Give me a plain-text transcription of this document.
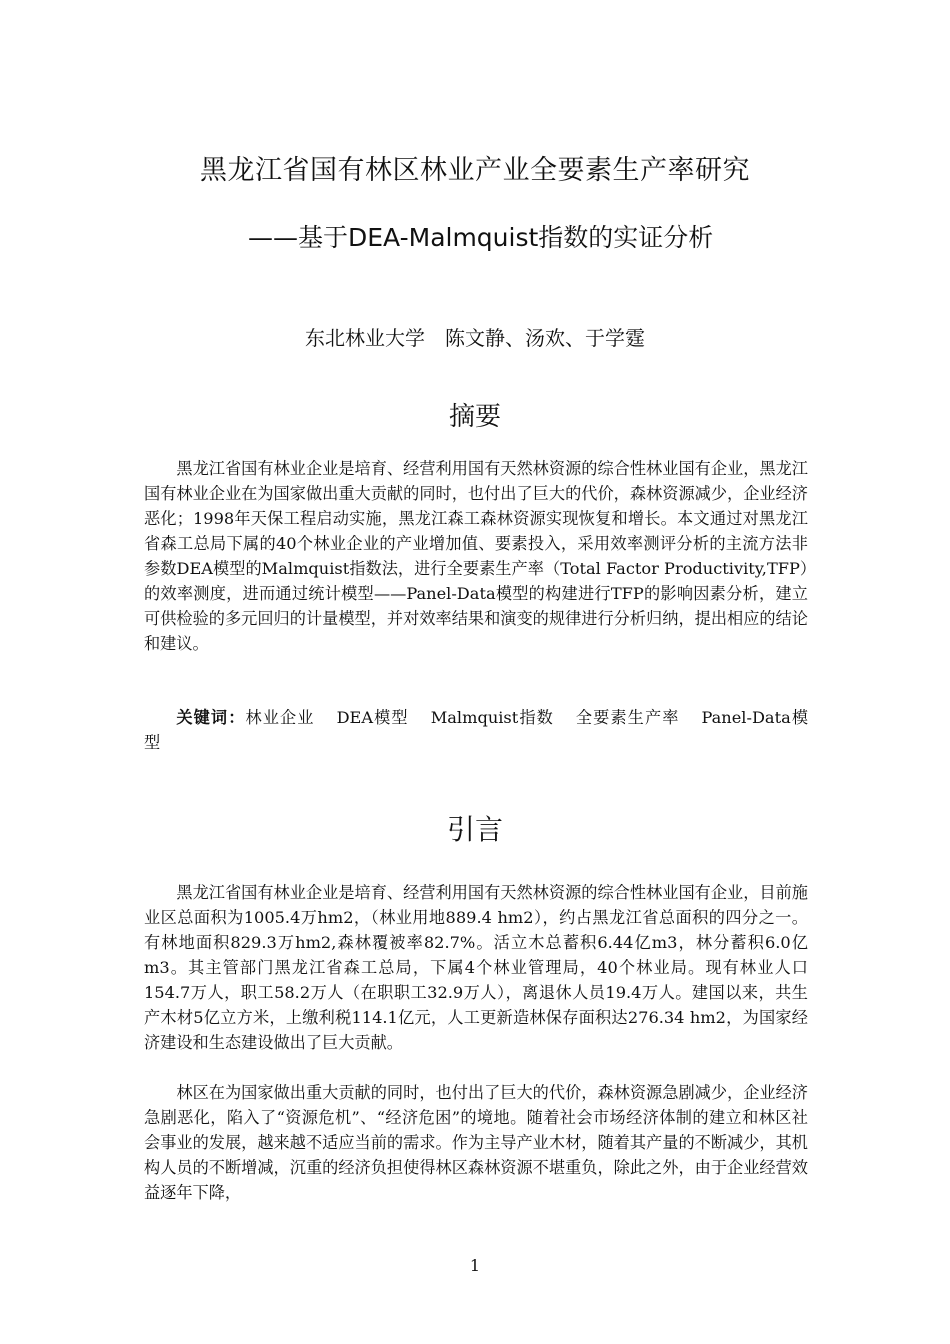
黑龙江省国有林区林业产业全要素生产率研究
——基于DEA-Malmquist指数的实证分析
东北林业大学　陈文静、汤欢、于学霆
摘要

黑龙江省国有林业企业是培育、经营利用国有天然林资源的综合性林业国有企业，黑龙江国有林业企业在为国家做出重大贡献的同时，也付出了巨大的代价，森林资源减少，企业经济恶化；1998年天保工程启动实施，黑龙江森工森林资源实现恢复和增长。本文通过对黑龙江省森工总局下属的40个林业企业的产业增加值、要素投入，采用效率测评分析的主流方法非参数DEA模型的Malmquist指数法，进行全要素生产率（Total Factor Productivity,TFP）的效率测度，进而通过统计模型——Panel-Data模型的构建进行TFP的影响因素分析，建立可供检验的多元回归的计量模型，并对效率结果和演变的规律进行分析归纳，提出相应的结论和建议。

关键词：林业企业 DEA模型 Malmquist指数 全要素生产率 Panel-Data模型

引言

黑龙江省国有林业企业是培育、经营利用国有天然林资源的综合性林业国有企业，目前施业区总面积为1005.4万hm2，（林业用地889.4 hm2），约占黑龙江省总面积的四分之一。有林地面积829.3万hm2,森林覆被率82.7%。活立木总蓄积6.44亿m3，林分蓄积6.0亿m3。其主管部门黑龙江省森工总局，下属4个林业管理局，40个林业局。现有林业人口154.7万人，职工58.2万人（在职职工32.9万人），离退休人员19.4万人。建国以来，共生产木材5亿立方米，上缴利税114.1亿元，人工更新造林保存面积达276.34 hm2，为国家经济建设和生态建设做出了巨大贡献。

林区在为国家做出重大贡献的同时，也付出了巨大的代价，森林资源急剧减少，企业经济急剧恶化，陷入了“资源危机”、“经济危困”的境地。随着社会市场经济体制的建立和林区社会事业的发展，越来越不适应当前的需求。作为主导产业木材，随着其产量的不断减少，其机构人员的不断增减，沉重的经济负担使得林区森林资源不堪重负，除此之外，由于企业经营效益逐年下降，

1
